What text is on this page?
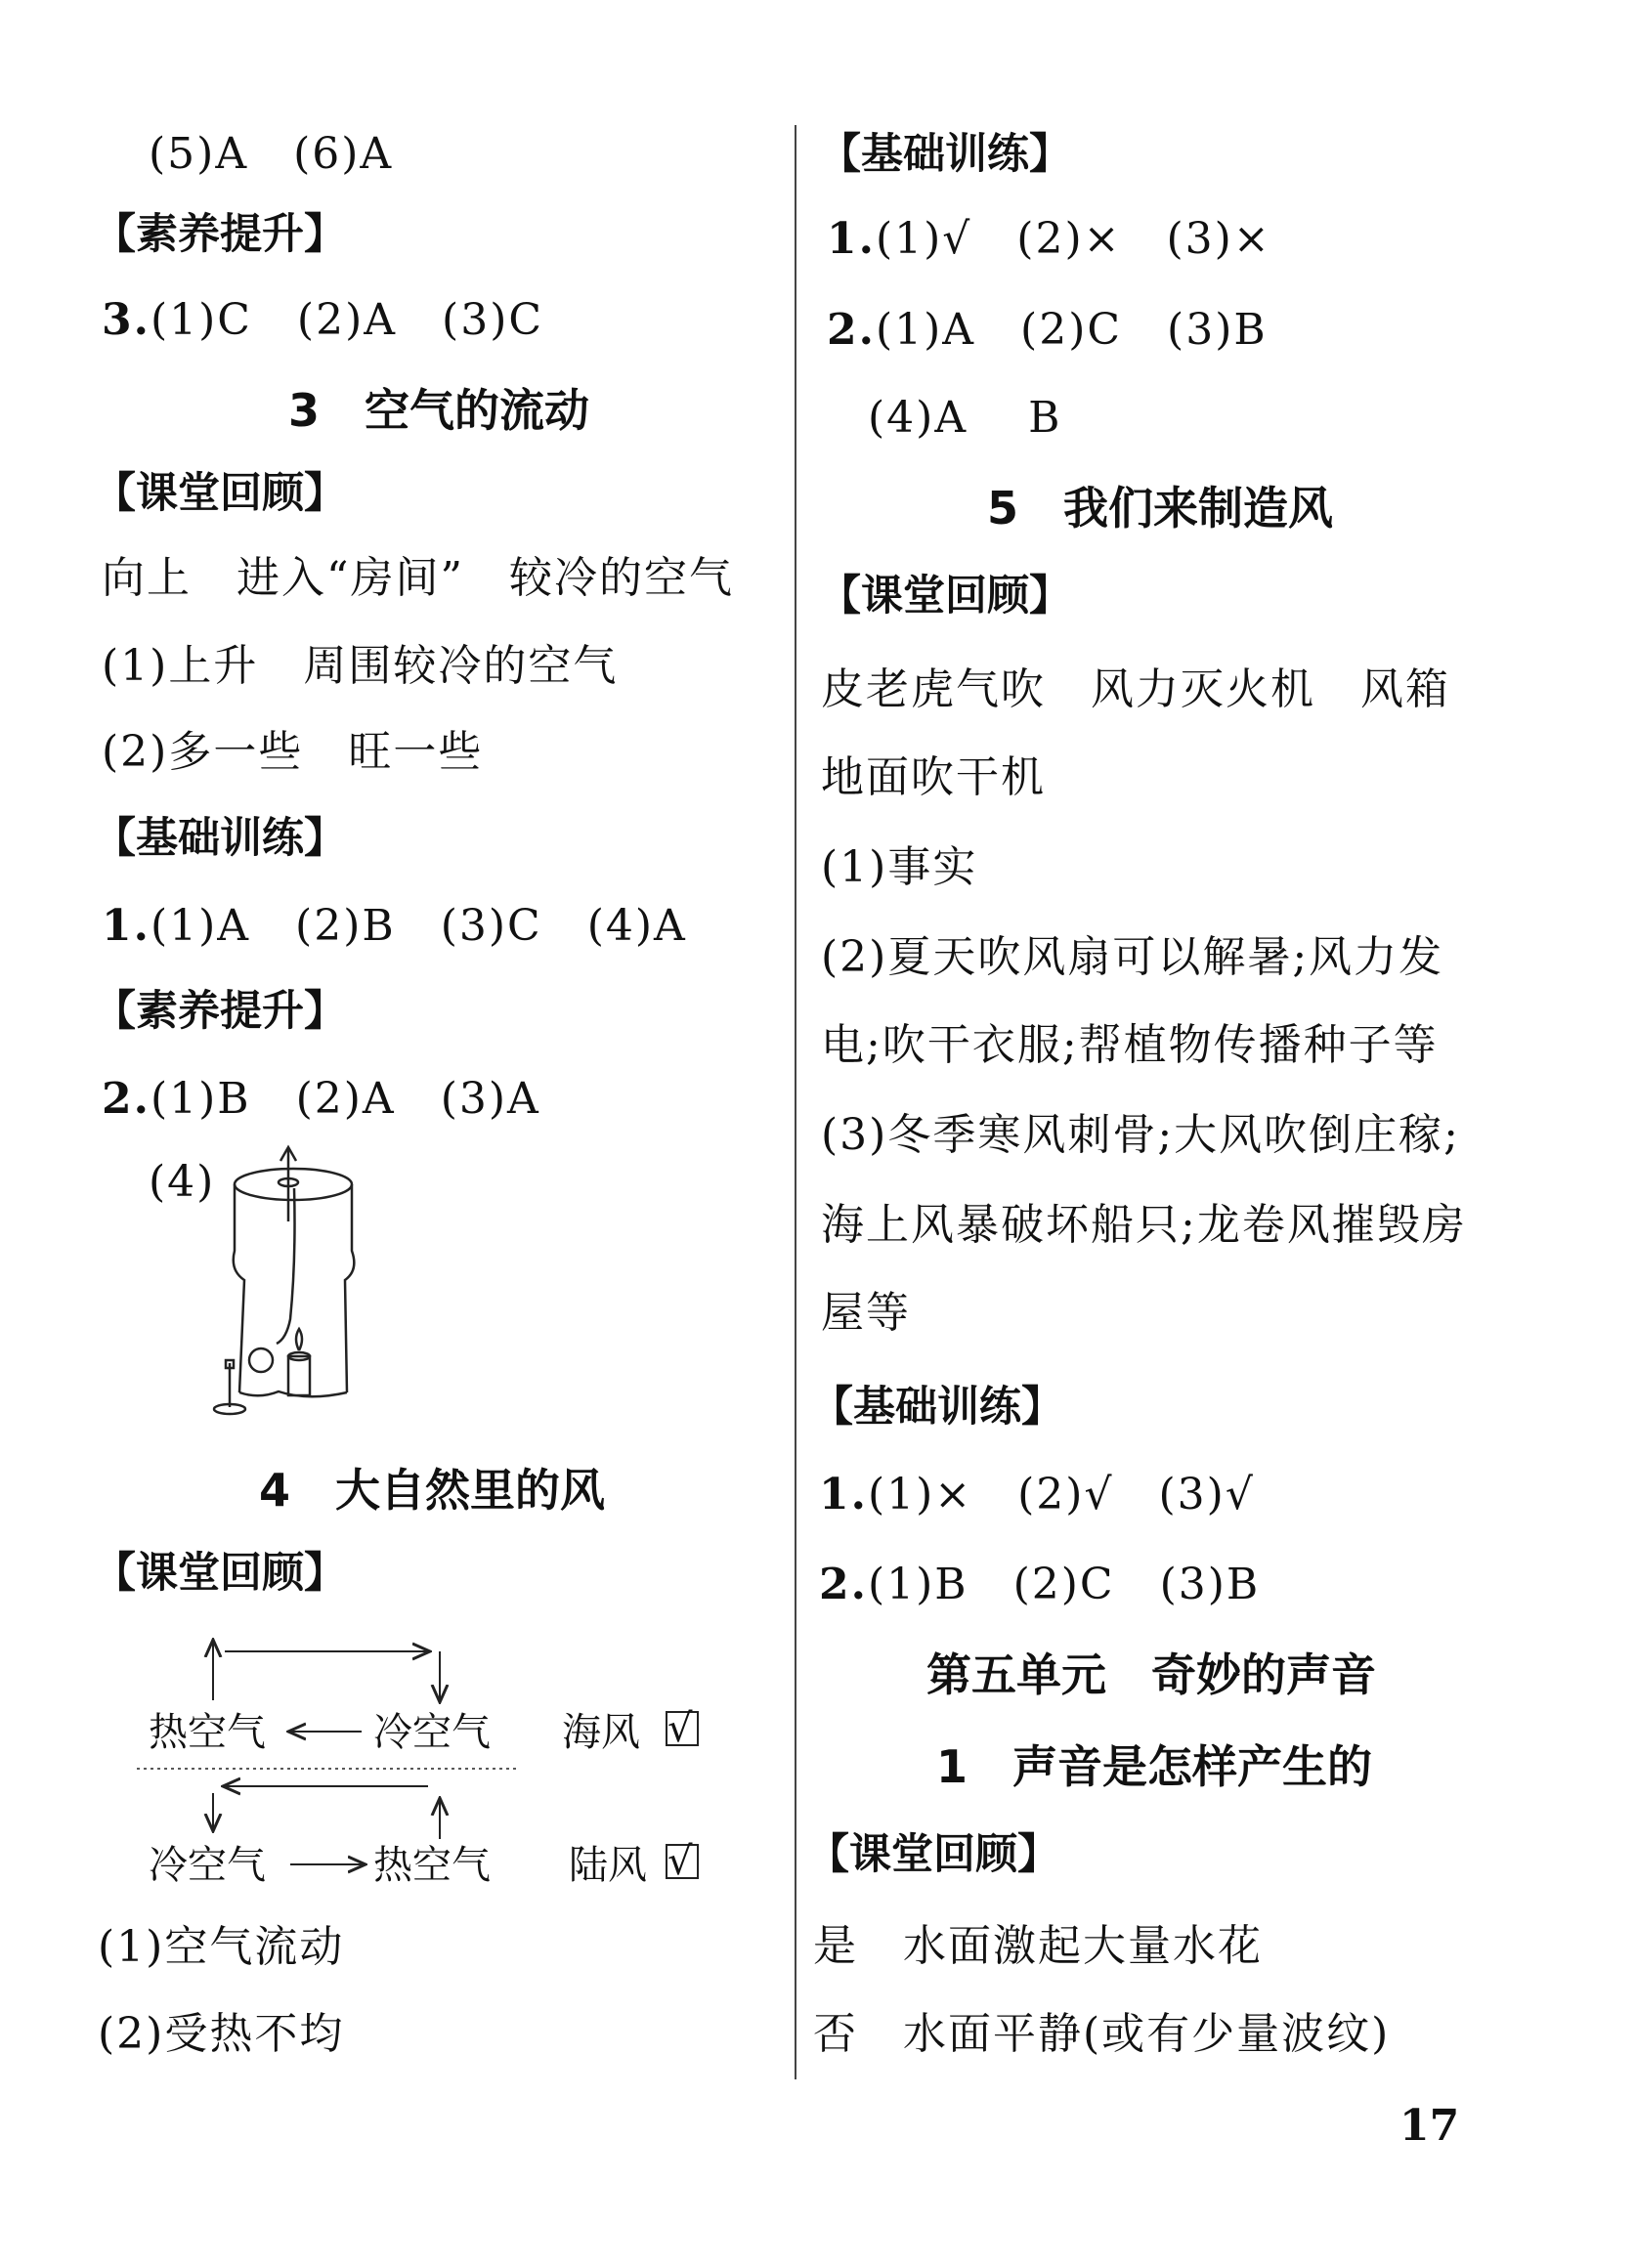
(5)A　(6)A
【素养提升】
3.(1)C　(2)A　(3)C
3　空气的流动
【课堂回顾】
向上　进入“房间”　较冷的空气
(1)上升　周围较冷的空气
(2)多一些　旺一些
【基础训练】
1.(1)A　(2)B　(3)C　(4)A
【素养提升】
2.(1)B　(2)A　(3)A
(4)
4　大自然里的风
【课堂回顾】
热空气	冷空气 海风 √
冷空气	热空气 陆风 √
(1)空气流动
(2)受热不均
【基础训练】
1.(1)√　(2)×　(3)×
2.(1)A　(2)C　(3)B
(4)A　 B
5　我们来制造风
【课堂回顾】
皮老虎气吹　风力灭火机　风箱
地面吹干机
(1)事实
(2)夏天吹风扇可以解暑;风力发
电;吹干衣服;帮植物传播种子等
(3)冬季寒风刺骨;大风吹倒庄稼;
海上风暴破坏船只;龙卷风摧毁房
屋等
【基础训练】
1.(1)×　(2)√　(3)√
2.(1)B　(2)C　(3)B
第五单元　奇妙的声音
1　声音是怎样产生的
【课堂回顾】
是　水面激起大量水花
否　水面平静(或有少量波纹)
17
